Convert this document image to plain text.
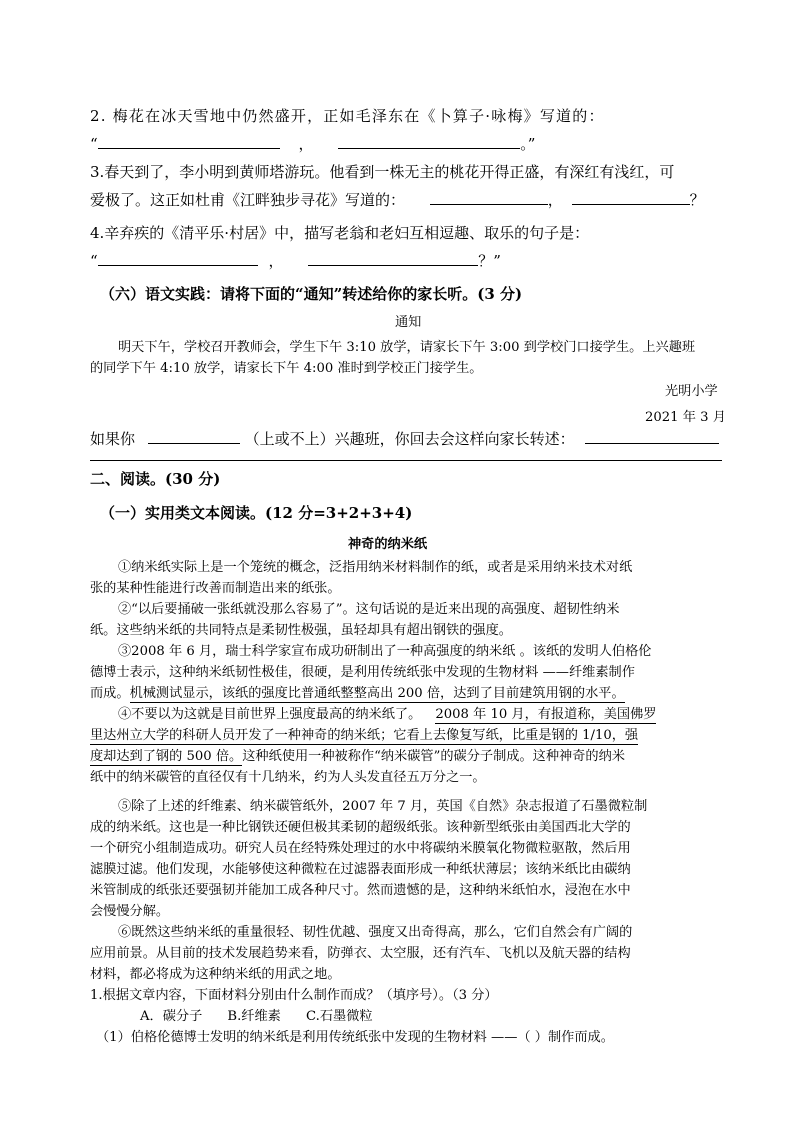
2. 梅花在冰天雪地中仍然盛开，正如毛泽东在《卜算子·咏梅》写道的：
“	，	。”
3.春天到了，李小明到黄师塔游玩。他看到一株无主的桃花开得正盛，有深红有浅红，可
爱极了。这正如杜甫《江畔独步寻花》写道的：	，	？
4.辛弃疾的《清平乐·村居》中，描写老翁和老妇互相逗趣、取乐的句子是：
“	，	？”
（六）语文实践：请将下面的“通知”转述给你的家长听。(3 分)
通知
明天下午，学校召开教师会，学生下午 3:10 放学，请家长下午 3:00 到学校门口接学生。上兴趣班
的同学下午 4:10 放学，请家长下午 4:00 准时到学校正门接学生。
光明小学
2021 年 3 月
如果你	（上或不上）兴趣班，你回去会这样向家长转述：
二、阅读。(30 分)
（一）实用类文本阅读。(12 分=3+2+3+4)
神奇的纳米纸
①纳米纸实际上是一个笼统的概念，泛指用纳米材料制作的纸，或者是采用纳米技术对纸
张的某种性能进行改善而制造出来的纸张。
②“以后要捅破一张纸就没那么容易了”。这句话说的是近来出现的高强度、超韧性纳米
纸。这些纳米纸的共同特点是柔韧性极强，虽轻却具有超出钢铁的强度。
③2008 年 6 月，瑞士科学家宣布成功研制出了一种高强度的纳米纸 。该纸的发明人伯格伦
德博士表示，这种纳米纸韧性极佳，很硬，是利用传统纸张中发现的生物材料 ——纤维素制作
而成。机械测试显示，该纸的强度比普通纸整整高出 200 倍，达到了目前建筑用钢的水平。
④不要以为这就是目前世界上强度最高的纳米纸了。 2008 年 10 月，有报道称，美国佛罗
里达州立大学的科研人员开发了一种神奇的纳米纸；它看上去像复写纸，比重是钢的 1/10，强
度却达到了钢的 500 倍。这种纸使用一种被称作“纳米碳管”的碳分子制成。这种神奇的纳米
纸中的纳米碳管的直径仅有十几纳米，约为人头发直径五万分之一。
⑤除了上述的纤维素、纳米碳管纸外，2007 年 7 月，英国《自然》杂志报道了石墨微粒制
成的纳米纸。这也是一种比钢铁还硬但极其柔韧的超级纸张。该种新型纸张由美国西北大学的
一个研究小组制造成功。研究人员在经特殊处理过的水中将碳纳米膜氧化物微粒驱散，然后用
滤膜过滤。他们发现，水能够使这种微粒在过滤器表面形成一种纸状薄层；该纳米纸比由碳纳
米管制成的纸张还要强韧并能加工成各种尺寸。然而遗憾的是，这种纳米纸怕水，浸泡在水中
会慢慢分解。
⑥既然这些纳米纸的重量很轻、韧性优越、强度又出奇得高，那么，它们自然会有广阔的
应用前景。从目前的技术发展趋势来看，防弹衣、太空服，还有汽车、飞机以及航天器的结构
材料，都必将成为这种纳米纸的用武之地。
1.根据文章内容，下面材料分别由什么制作而成？（填序号）。（3 分）
A．碳分子      B.纤维素      C.石墨微粒
（1）伯格伦德博士发明的纳米纸是利用传统纸张中发现的生物材料 ——（ ）制作而成。
